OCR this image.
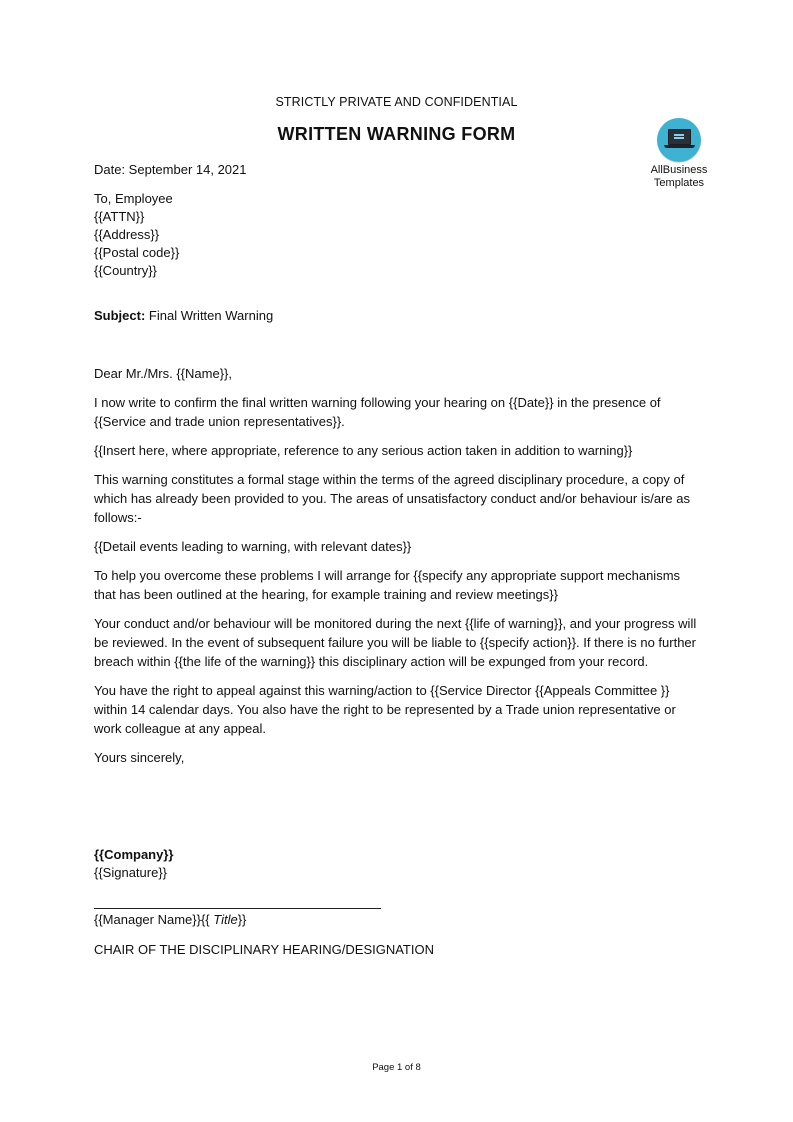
STRICTLY PRIVATE AND CONFIDENTIAL
WRITTEN WARNING FORM
AllBusiness
Templates
Date: September 14, 2021
To, Employee
{{ATTN}}
{{Address}}
{{Postal code}}
{{Country}}
Subject: Final Written Warning

Dear Mr./Mrs. {{Name}},

I now write to confirm the final written warning following your hearing on {{Date}} in the presence of {{Service and trade union representatives}}.

{{Insert here, where appropriate, reference to any serious action taken in addition to warning}}

This warning constitutes a formal stage within the terms of the agreed disciplinary procedure, a copy of which has already been provided to you. The areas of unsatisfactory conduct and/or behaviour is/are as follows:-

{{Detail events leading to warning, with relevant dates}}

To help you overcome these problems I will arrange for {{specify any appropriate support mechanisms that has been outlined at the hearing, for example training and review meetings}}

Your conduct and/or behaviour will be monitored during the next {{life of warning}}, and your progress will be reviewed. In the event of subsequent failure you will be liable to {{specify action}}. If there is no further breach within {{the life of the warning}} this disciplinary action will be expunged from your record.

You have the right to appeal against this warning/action to {{Service Director {{Appeals Committee }} within 14 calendar days. You also have the right to be represented by a Trade union representative or work colleague at any appeal.

Yours sincerely,

{{Company}}
{{Signature}}
{{Manager Name}}{{ Title}}
CHAIR OF THE DISCIPLINARY HEARING/DESIGNATION
Page 1 of 8
